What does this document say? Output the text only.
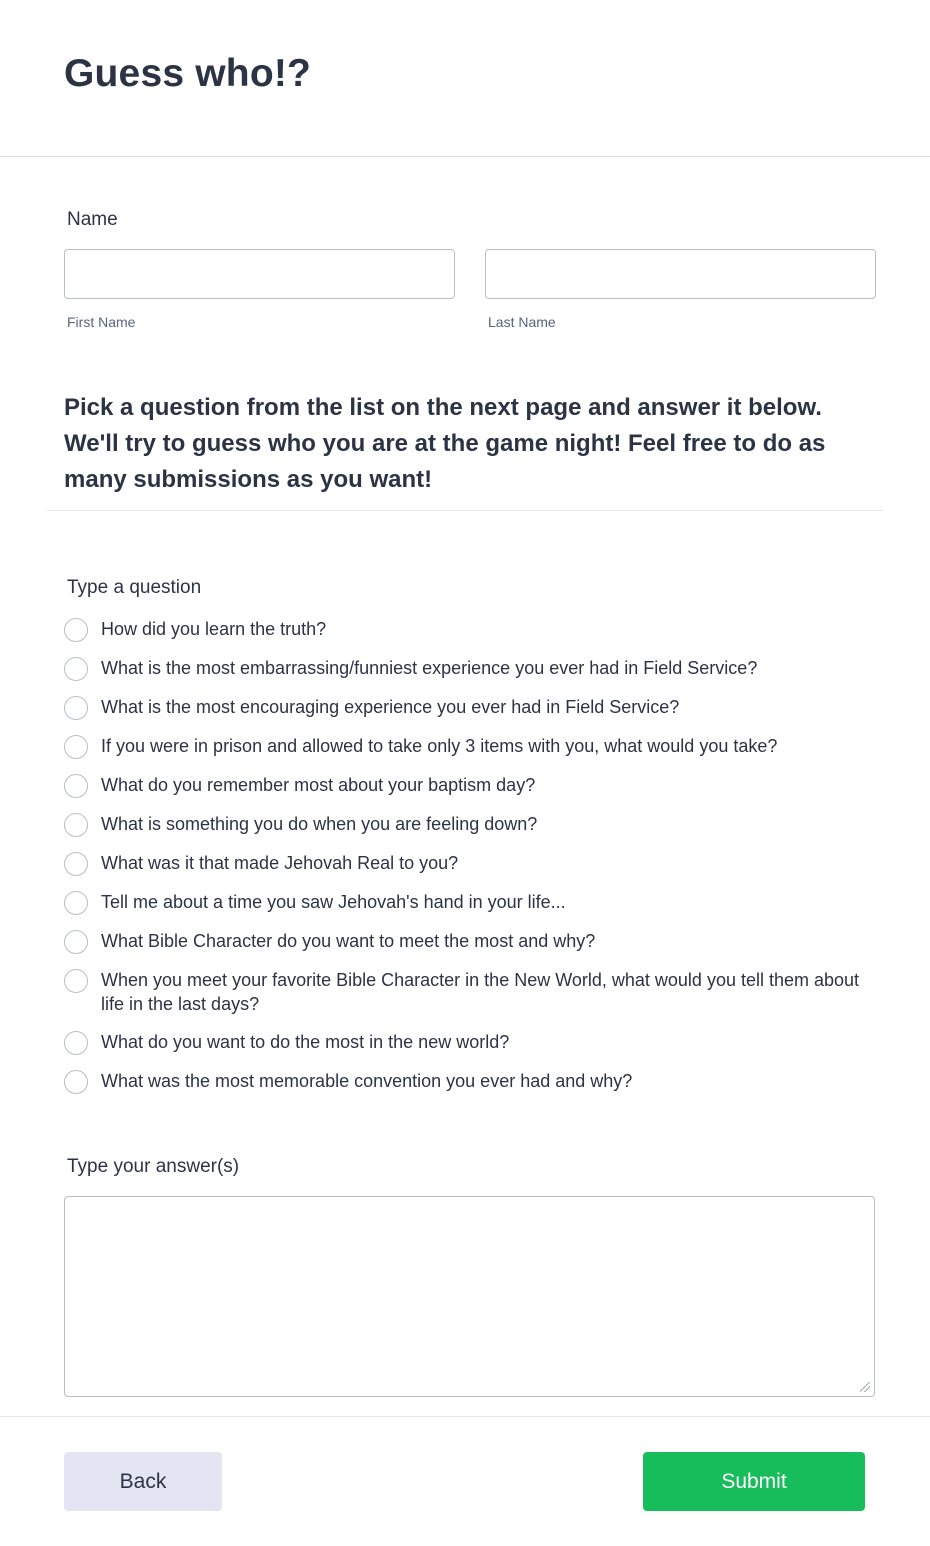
Guess who!?
Name
First Name	Last Name

Pick a question from the list on the next page and answer it below. We'll try to guess who you are at the game night! Feel free to do as many submissions as you want!

Type a question
How did you learn the truth?
What is the most embarrassing/funniest experience you ever had in Field Service?
What is the most encouraging experience you ever had in Field Service?
If you were in prison and allowed to take only 3 items with you, what would you take?
What do you remember most about your baptism day?
What is something you do when you are feeling down?
What was it that made Jehovah Real to you?
Tell me about a time you saw Jehovah's hand in your life...
What Bible Character do you want to meet the most and why?
When you meet your favorite Bible Character in the New World, what would you tell them about life in the last days?
What do you want to do the most in the new world?
What was the most memorable convention you ever had and why?
Type your answer(s)
Back	Submit
